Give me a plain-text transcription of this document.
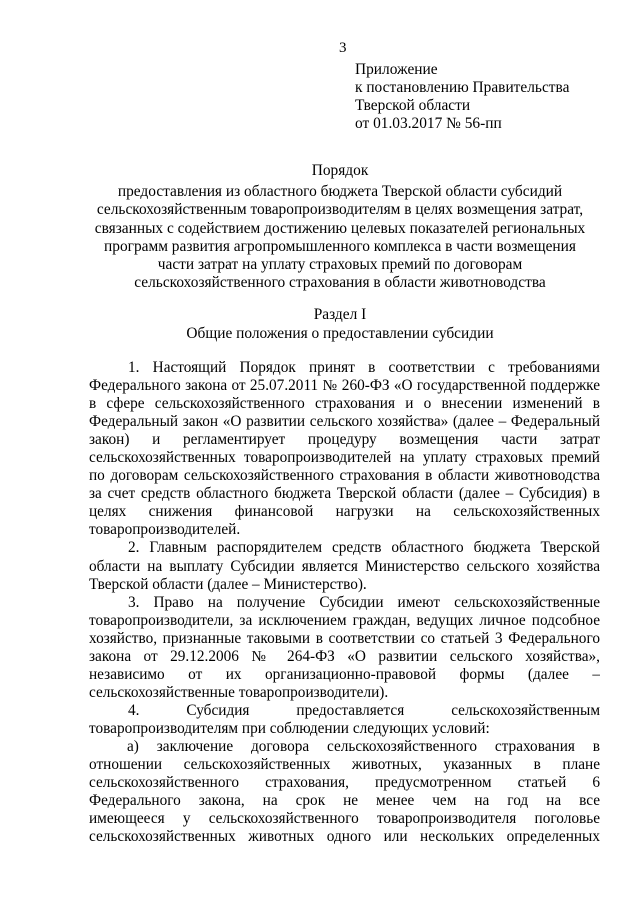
3
Приложение
к постановлению Правительства
Тверской области
от 01.03.2017 № 56-пп
Порядок
предоставления из областного бюджета Тверской области субсидий
сельскохозяйственным товаропроизводителям в целях возмещения затрат,
связанных с содействием достижению целевых показателей региональных
программ развития агропромышленного комплекса в части возмещения
части затрат на уплату страховых премий по договорам
сельскохозяйственного страхования в области животноводства
Раздел I
Общие положения о предоставлении субсидии
1. Настоящий Порядок принят в соответствии с требованиями
Федерального закона от 25.07.2011 № 260-ФЗ «О государственной поддержке
в сфере сельскохозяйственного страхования и о внесении изменений в
Федеральный закон «О развитии сельского хозяйства» (далее – Федеральный
закон) и регламентирует процедуру возмещения части затрат
сельскохозяйственных товаропроизводителей на уплату страховых премий
по договорам сельскохозяйственного страхования в области животноводства
за счет средств областного бюджета Тверской области (далее – Субсидия) в
целях снижения финансовой нагрузки на сельскохозяйственных
товаропроизводителей.
2. Главным распорядителем средств областного бюджета Тверской
области на выплату Субсидии является Министерство сельского хозяйства
Тверской области (далее – Министерство).
3. Право на получение Субсидии имеют сельскохозяйственные
товаропроизводители, за исключением граждан, ведущих личное подсобное
хозяйство, признанные таковыми в соответствии со статьей 3 Федерального
закона от 29.12.2006 № 264-ФЗ «О развитии сельского хозяйства»,
независимо от их организационно-правовой формы (далее –
сельскохозяйственные товаропроизводители).
4. Субсидия предоставляется сельскохозяйственным
товаропроизводителям при соблюдении следующих условий:
а) заключение договора сельскохозяйственного страхования в
отношении сельскохозяйственных животных, указанных в плане
сельскохозяйственного страхования, предусмотренном статьей 6
Федерального закона, на срок не менее чем на год на все
имеющееся у сельскохозяйственного товаропроизводителя поголовье
сельскохозяйственных животных одного или нескольких определенных
